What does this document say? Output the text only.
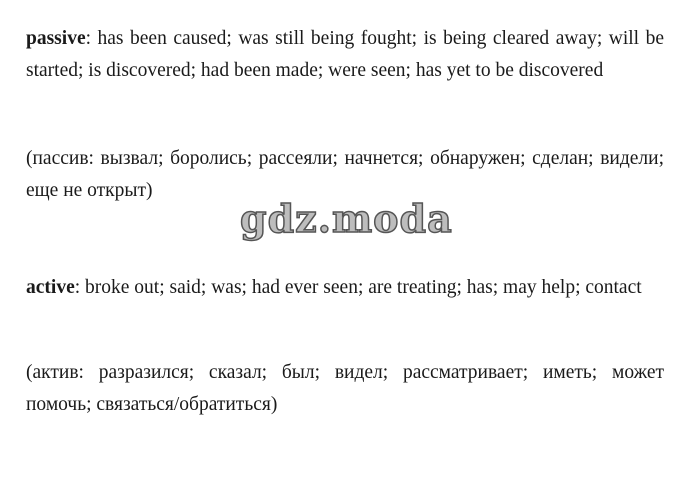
passive: has been caused; was still being fought; is being cleared away; will be started; is discovered; had been made; were seen; has yet to be discovered

(пассив: вызвал; боролись; рассеяли; начнется; обнаружен; сделан; видели; еще не открыт)

gdz.moda

active: broke out; said; was; had ever seen; are treating; has; may help; contact

(актив: разразился; сказал; был; видел; рассматривает; иметь; может помочь; связаться/обратиться)
